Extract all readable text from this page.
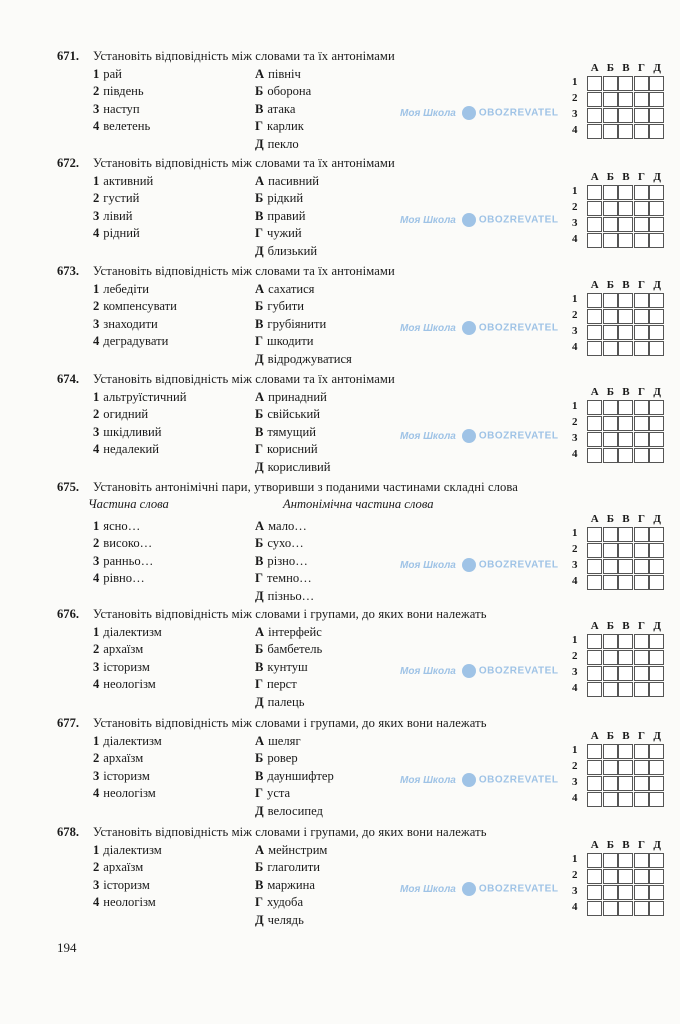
671. Установіть відповідність між словами та їх антонімами
1 рай
2 південь
3 наступ
4 велетень
А північ
Б оборона
В атака
Г карлик
Д пекло
Моя Школа OBOZREVATEL
А Б В Г Д
1
2
3
4
672. Установіть відповідність між словами та їх антонімами
1 активний
2 густий
3 лівий
4 рідний
А пасивний
Б рідкий
В правий
Г чужий
Д близький
Моя Школа OBOZREVATEL
А Б В Г Д
1
2
3
4
673. Установіть відповідність між словами та їх антонімами
1 лебедіти
2 компенсувати
3 знаходити
4 деградувати
А сахатися
Б губити
В грубіянити
Г шкодити
Д відроджуватися
Моя Школа OBOZREVATEL
А Б В Г Д
1
2
3
4
674. Установіть відповідність між словами та їх антонімами
1 альтруїстичний
2 огидний
3 шкідливий
4 недалекий
А принадний
Б свійський
В тямущий
Г корисний
Д корисливий
Моя Школа OBOZREVATEL
А Б В Г Д
1
2
3
4
675. Установіть антонімічні пари, утворивши з поданими частинами складні слова
Частина слова	Антонімічна частина слова
1 ясно…
2 високо…
3 ранньо…
4 рівно…
А мало…
Б сухо…
В різно…
Г темно…
Д пізньо…
Моя Школа OBOZREVATEL
А Б В Г Д
1
2
3
4
676. Установіть відповідність між словами і групами, до яких вони належать
1 діалектизм
2 архаїзм
3 історизм
4 неологізм
А інтерфейс
Б бамбетель
В кунтуш
Г перст
Д палець
Моя Школа OBOZREVATEL
А Б В Г Д
1
2
3
4
677. Установіть відповідність між словами і групами, до яких вони належать
1 діалектизм
2 архаїзм
3 історизм
4 неологізм
А шеляг
Б ровер
В дауншифтер
Г уста
Д велосипед
Моя Школа OBOZREVATEL
А Б В Г Д
1
2
3
4
678. Установіть відповідність між словами і групами, до яких вони належать
1 діалектизм
2 архаїзм
3 історизм
4 неологізм
А мейнстрим
Б глаголити
В маржина
Г худоба
Д челядь
Моя Школа OBOZREVATEL
А Б В Г Д
1
2
3
4
194
